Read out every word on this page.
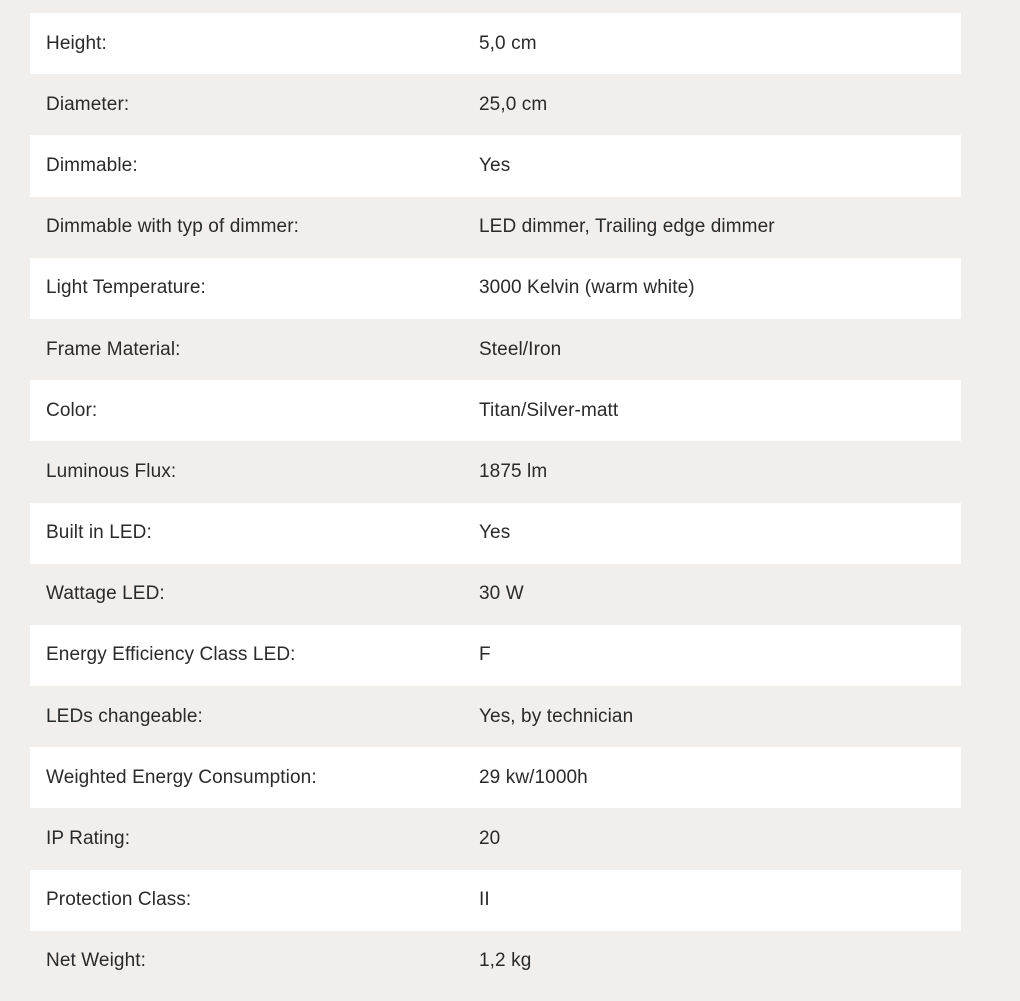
Height:	5,0 cm
Diameter:	25,0 cm
Dimmable:	Yes
Dimmable with typ of dimmer:	LED dimmer, Trailing edge dimmer
Light Temperature:	3000 Kelvin (warm white)
Frame Material:	Steel/Iron
Color:	Titan/Silver-matt
Luminous Flux:	1875 lm
Built in LED:	Yes
Wattage LED:	30 W
Energy Efficiency Class LED:	F
LEDs changeable:	Yes, by technician
Weighted Energy Consumption:	29 kw/1000h
IP Rating:	20
Protection Class:	II
Net Weight:	1,2 kg
